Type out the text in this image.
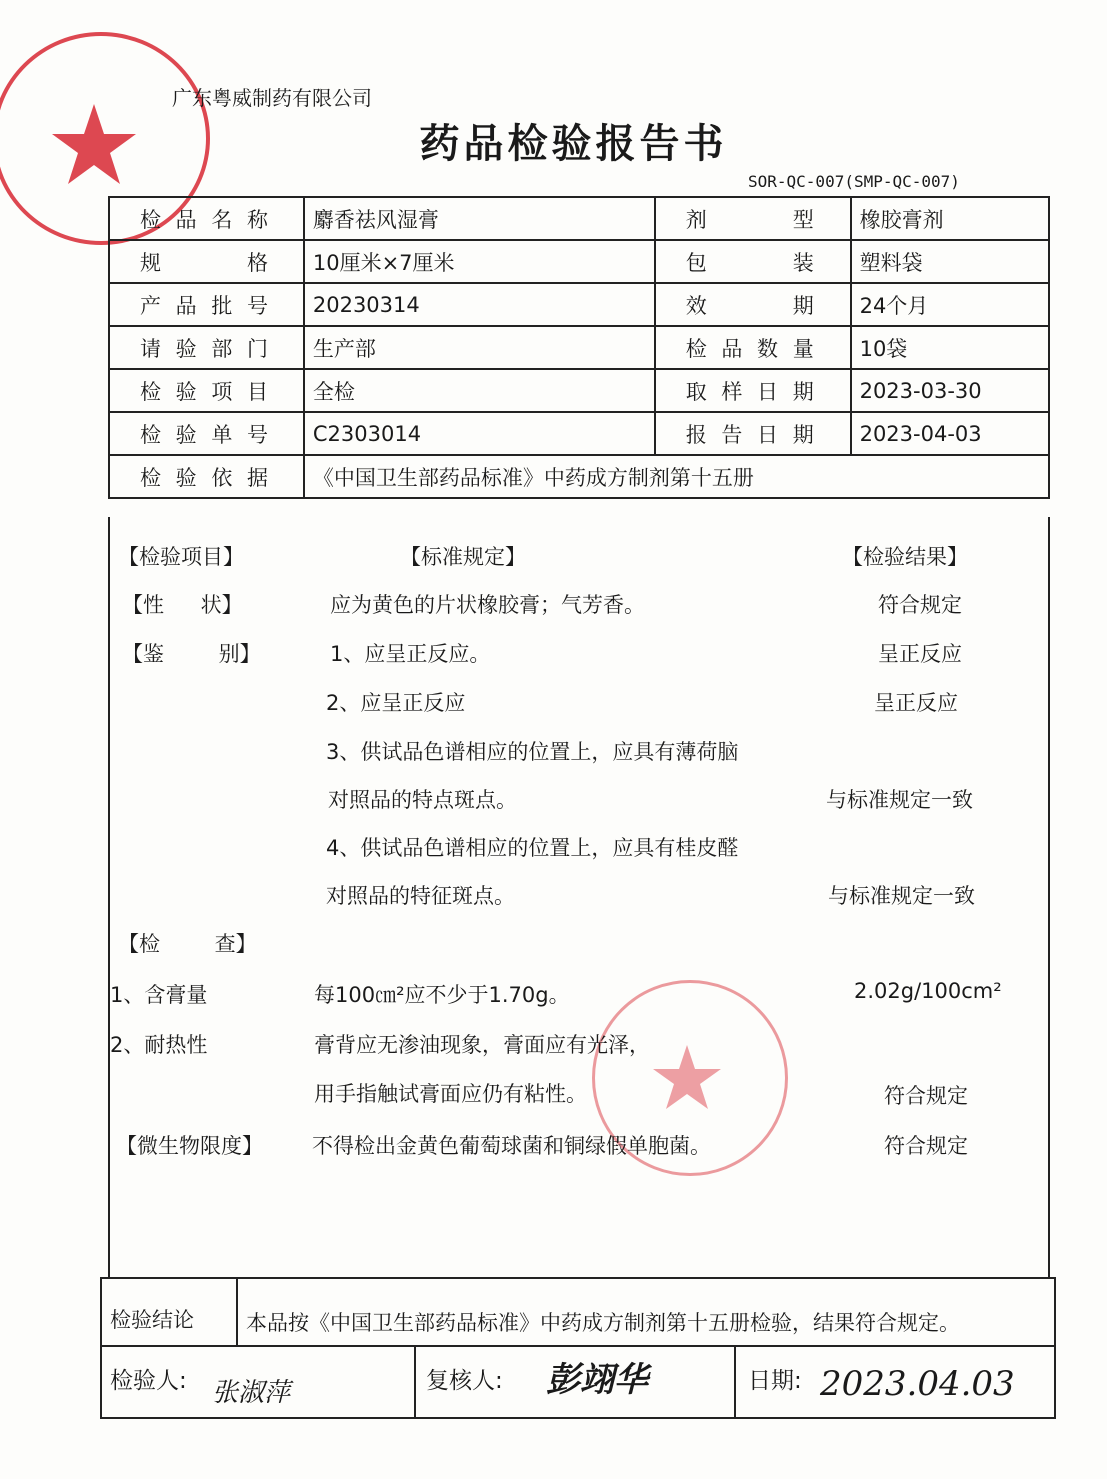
广东粤威制药有限公司
药品检验报告书
SOR-QC-007(SMP-QC-007)
检 品 名 称	麝香祛风湿膏	剂 型	橡胶膏剂

规 格	10厘米×7厘米	包 装	塑料袋

产 品 批 号	20230314	效 期	24个月

请 验 部 门	生产部	检 品 数 量	10袋

检 验 项 目	全检	取 样 日 期	2023-03-30

检 验 单 号	C2303014	报 告 日 期	2023-04-03

检 验 依 据	《中国卫生部药品标准》中药成方制剂第十五册		
【检验项目】	【标准规定】	【检验结果】
【性 状】	应为黄色的片状橡胶膏；气芳香。	符合规定
【鉴 别】	1、应呈正反应。	呈正反应
2、应呈正反应	呈正反应
3、供试品色谱相应的位置上，应具有薄荷脑
对照品的特点斑点。	与标准规定一致
4、供试品色谱相应的位置上，应具有桂皮醛
对照品的特征斑点。	与标准规定一致
【检 查】
1、含膏量	每100㎝²应不少于1.70g。	2.02g/100cm²
2、耐热性	膏背应无渗油现象，膏面应有光泽，
用手指触试膏面应仍有粘性。	符合规定
【微生物限度】 不得检出金黄色葡萄球菌和铜绿假单胞菌。	符合规定
检验结论 本品按《中国卫生部药品标准》中药成方制剂第十五册检验，结果符合规定。
检验人: 张淑萍	复核人: 彭翊华	日期: 2023.04.03
